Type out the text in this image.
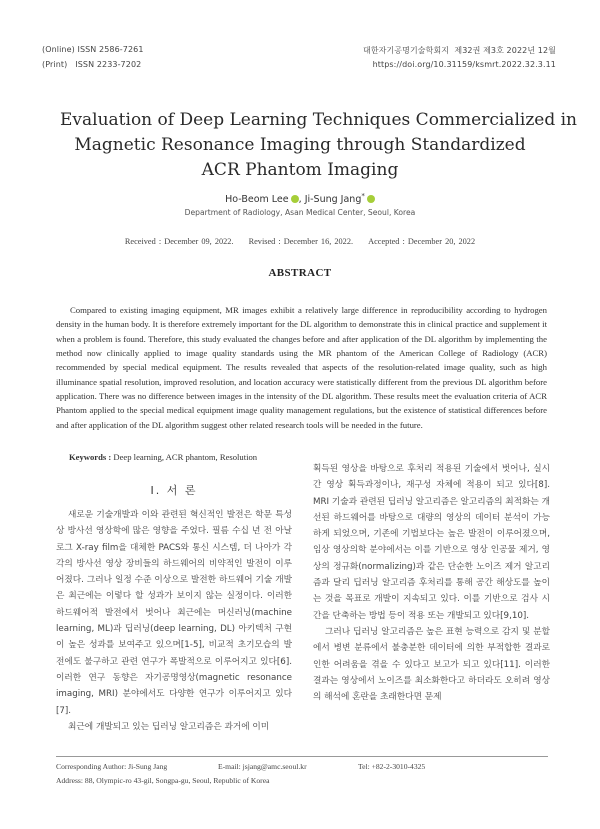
(Online) ISSN 2586-7261
(Print)   ISSN 2233-7202
대한자기공명기술학회지  제32권 제3호 2022년 12월
https://doi.org/10.31159/ksmrt.2022.32.3.11
Evaluation of Deep Learning Techniques Commercialized in
Magnetic Resonance Imaging through Standardized
ACR Phantom Imaging
Ho-Beom Lee , Ji-Sung Jang*
Department of Radiology, Asan Medical Center, Seoul, Korea
Received : December 09, 2022. Revised : December 16, 2022. Accepted : December 20, 2022
ABSTRACT
Compared to existing imaging equipment, MR images exhibit a relatively large difference in reproducibility according to hydrogen density in the human body. It is therefore extremely important for the DL algorithm to demonstrate this in clinical practice and supplement it when a problem is found. Therefore, this study evaluated the changes before and after application of the DL algorithm by implementing the method now clinically applied to image quality standards using the MR phantom of the American College of Radiology (ACR) recommended by special medical equipment. The results revealed that aspects of the resolution-related image quality, such as high illuminance spatial resolution, improved resolution, and location accuracy were statistically different from the previous DL algorithm before application. There was no difference between images in the intensity of the DL algorithm. These results meet the evaluation criteria of ACR Phantom applied to the special medical equipment image quality management regulations, but the existence of statistical differences before and after application of the DL algorithm suggest other related research tools will be needed in the future.
Keywords : Deep learning, ACR phantom, Resolution
Ⅰ. 서 론

새로운 기술개발과 이와 관련된 혁신적인 발전은 학문 특성상 방사선 영상학에 많은 영향을 주었다. 필름 수십 년 전 아날로그 X-ray film을 대체한 PACS와 통신 시스템, 더 나아가 각각의 방사선 영상 장비들의 하드웨어의 비약적인 발전이 이루어졌다. 그러나 일정 수준 이상으로 발전한 하드웨어 기술 개발은 최근에는 이렇다 할 성과가 보이지 않는 실정이다. 이러한 하드웨어적 발전에서 벗어나 최근에는 머신러닝(machine learning, ML)과 딥러닝(deep learning, DL) 아키텍처 구현이 높은 성과를 보여주고 있으며[1-5], 비교적 초기모습의 발전에도 불구하고 관련 연구가 폭발적으로 이루어지고 있다[6]. 이러한 연구 동향은 자기공명영상(magnetic resonance imaging, MRI) 분야에서도 다양한 연구가 이루어지고 있다[7].

최근에 개발되고 있는 딥러닝 알고리즘은 과거에 이미

획득된 영상을 바탕으로 후처리 적용된 기술에서 벗어나, 실시간 영상 획득과정이나, 재구성 자체에 적용이 되고 있다[8]. MRI 기술과 관련된 딥러닝 알고리즘은 알고리즘의 최적화는 개선된 하드웨어를 바탕으로 대량의 영상의 데이터 분석이 가능하게 되었으며, 기존에 기법보다는 높은 발전이 이루어졌으며, 임상 영상의학 분야에서는 이를 기반으로 영상 인공물 제거, 영상의 정규화(normalizing)과 같은 단순한 노이즈 제거 알고리즘과 달리 딥러닝 알고리즘 후처리를 통해 공간 해상도를 높이는 것을 목표로 개발이 지속되고 있다. 이를 기반으로 검사 시간을 단축하는 방법 등이 적용 또는 개발되고 있다[9,10].

그러나 딥러닝 알고리즘은 높은 표현 능력으로 감지 및 분할에서 병변 분류에서 불충분한 데이터에 의한 부적합한 결과로 인한 어려움을 겪을 수 있다고 보고가 되고 있다[11]. 이러한 결과는 영상에서 노이즈를 최소화한다고 하더라도 오히려 영상의 해석에 혼란을 초래한다면 문제

Corresponding Author: Ji-Sung Jang	E-mail: jsjang@amc.seoul.kr	Tel: +82-2-3010-4325
Address: 88, Olympic-ro 43-gil, Songpa-gu, Seoul, Republic of Korea
